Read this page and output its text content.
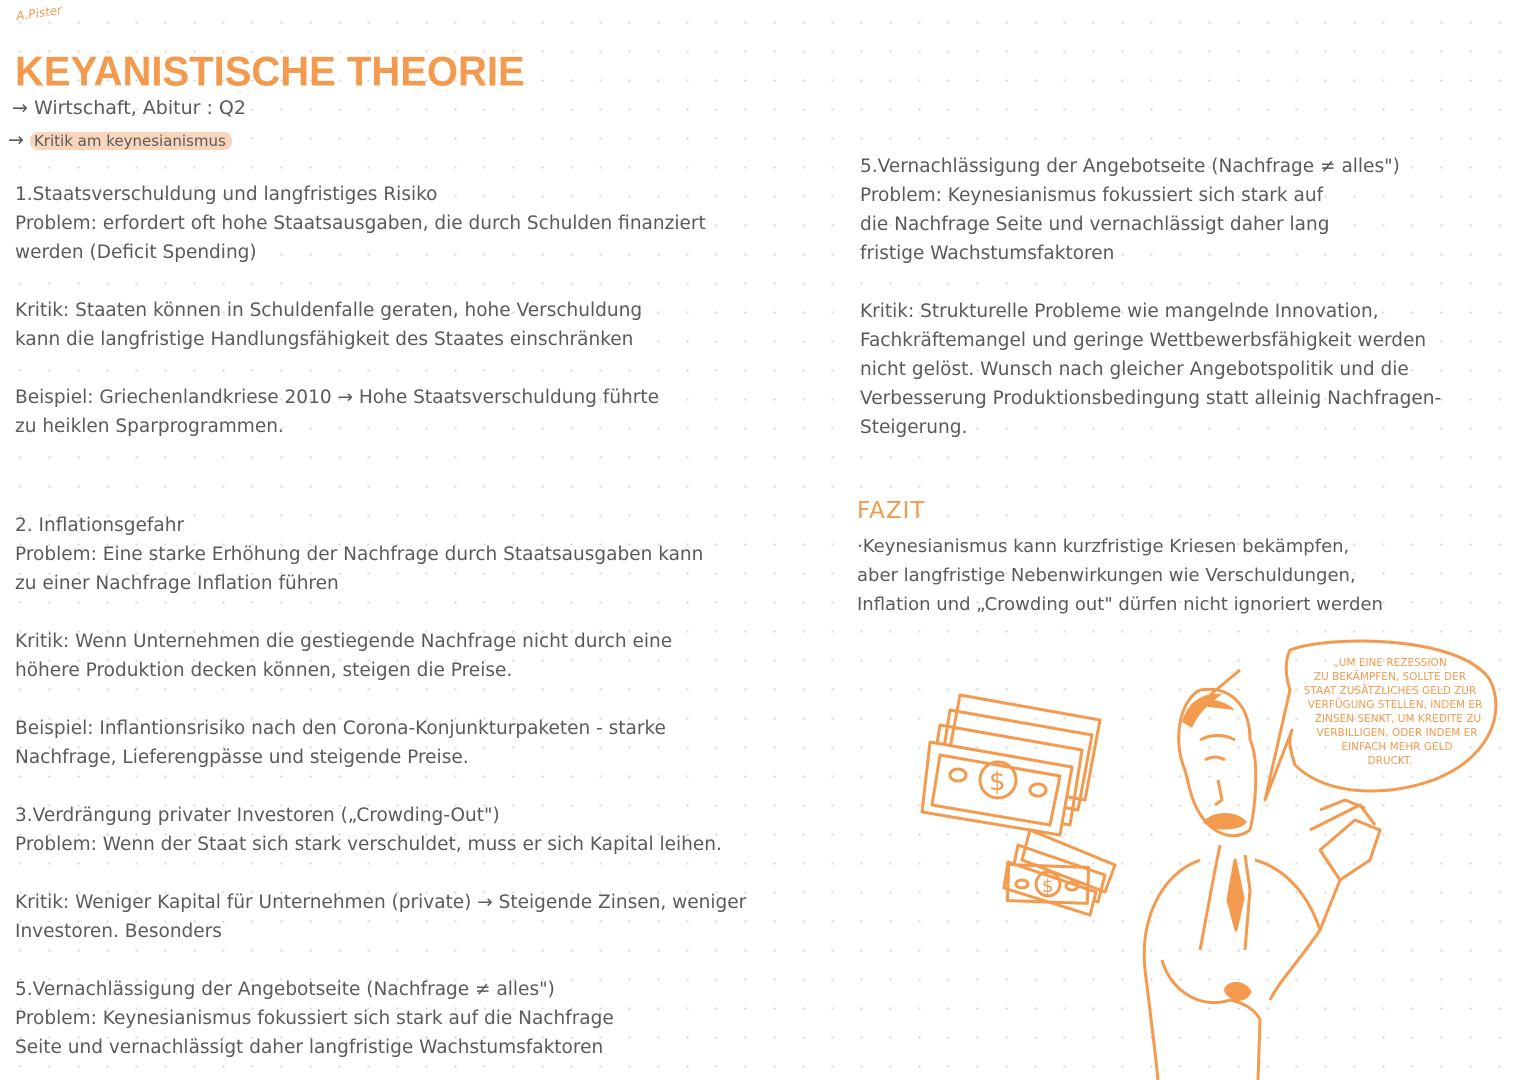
A.Pister
KEYANISTISCHE THEORIE
→ Wirtschaft, Abitur : Q2
→ Kritik am keynesianismus

1.Staatsverschuldung und langfristiges Risiko

Problem: erfordert oft hohe Staatsausgaben, die durch Schulden finanziert

werden (Deficit Spending)

Kritik: Staaten können in Schuldenfalle geraten, hohe Verschuldung

kann die langfristige Handlungsfähigkeit des Staates einschränken

Beispiel: Griechenlandkriese 2010 → Hohe Staatsverschuldung führte

zu heiklen Sparprogrammen.

2. Inflationsgefahr

Problem: Eine starke Erhöhung der Nachfrage durch Staatsausgaben kann

zu einer Nachfrage Inflation führen

Kritik: Wenn Unternehmen die gestiegende Nachfrage nicht durch eine

höhere Produktion decken können, steigen die Preise.

Beispiel: Inflantionsrisiko nach den Corona-Konjunkturpaketen - starke

Nachfrage, Lieferengpässe und steigende Preise.

3.Verdrängung privater Investoren („Crowding-Out")

Problem: Wenn der Staat sich stark verschuldet, muss er sich Kapital leihen.

Kritik: Weniger Kapital für Unternehmen (private) → Steigende Zinsen, weniger

Investoren. Besonders

5.Vernachlässigung der Angebotseite (Nachfrage ≠ alles")

Problem: Keynesianismus fokussiert sich stark auf die Nachfrage

Seite und vernachlässigt daher langfristige Wachstumsfaktoren

5.Vernachlässigung der Angebotseite (Nachfrage ≠ alles")

Problem: Keynesianismus fokussiert sich stark auf

die Nachfrage Seite und vernachlässigt daher lang

fristige Wachstumsfaktoren

Kritik: Strukturelle Probleme wie mangelnde Innovation,

Fachkräftemangel und geringe Wettbewerbsfähigkeit werden

nicht gelöst. Wunsch nach gleicher Angebotspolitik und die

Verbesserung Produktionsbedingung statt alleinig Nachfragen-

Steigerung.

FAZIT

·Keynesianismus kann kurzfristige Kriesen bekämpfen,

aber langfristige Nebenwirkungen wie Verschuldungen,

Inflation und „Crowding out" dürfen nicht ignoriert werden

$
$
„UM EINE REZESSION
ZU BEKÄMPFEN, SOLLTE DER
STAAT ZUSÄTZLICHES GELD ZUR
VERFÜGUNG STELLEN, INDEM ER
ZINSEN SENKT, UM KREDITE ZU
VERBILLIGEN, ODER INDEM ER
EINFACH MEHR GELD
DRUCKT.
